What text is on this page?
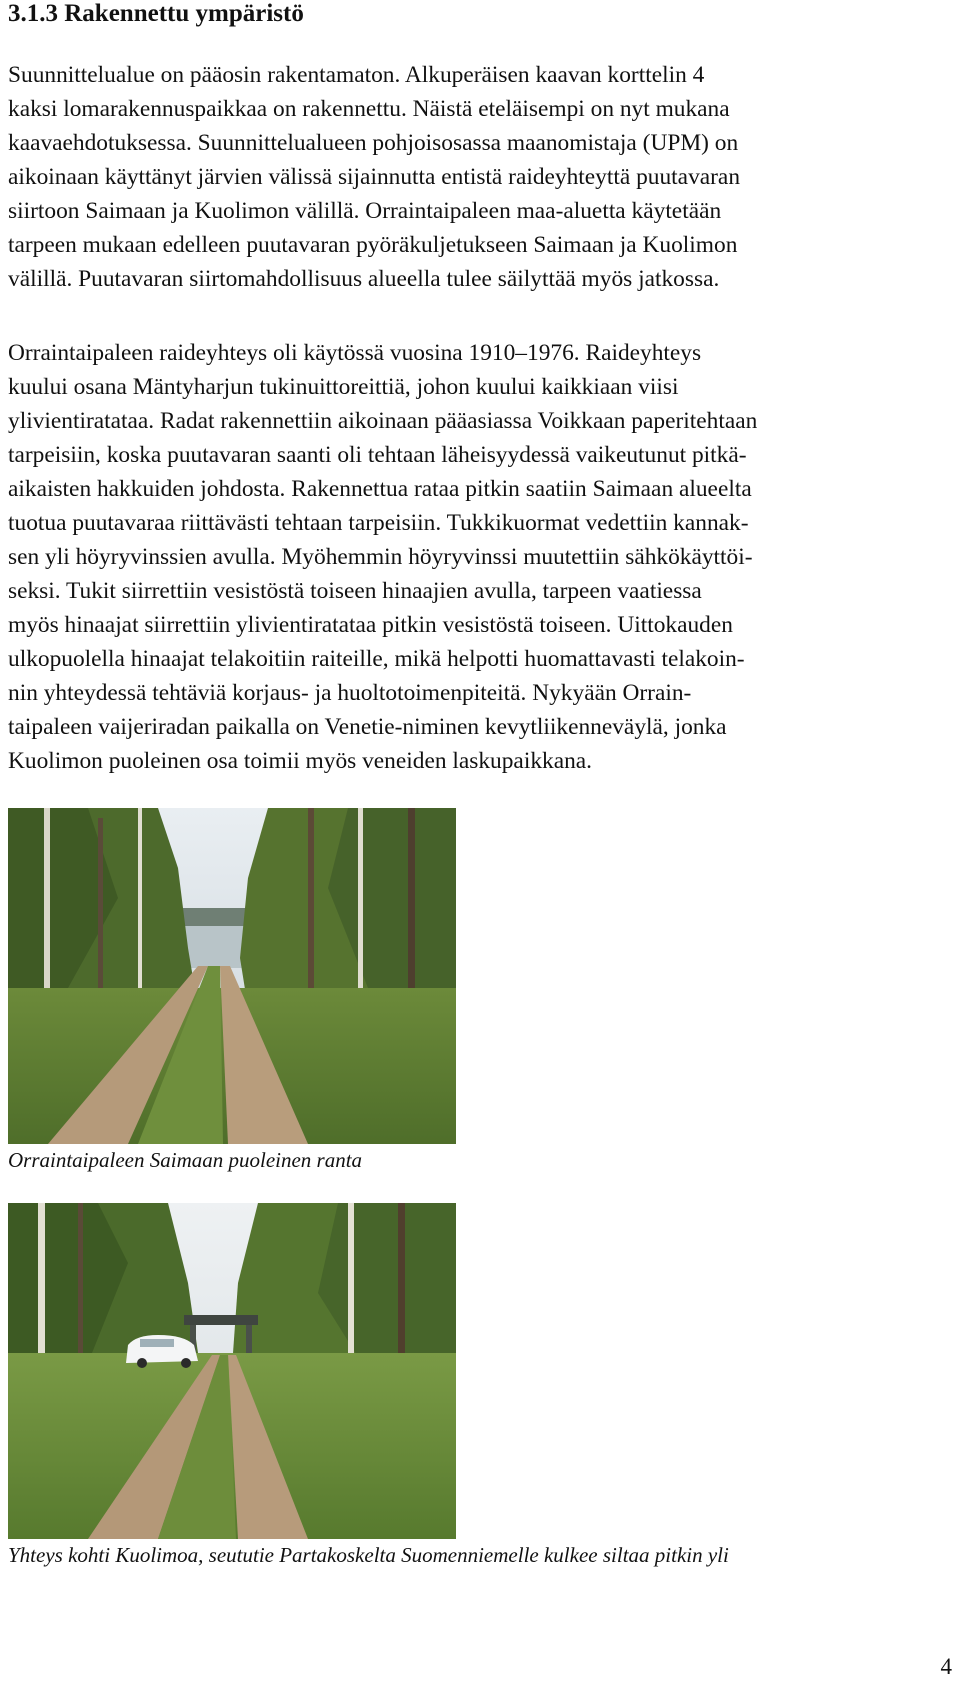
3.1.3 Rakennettu ympäristö
Suunnittelualue on pääosin rakentamaton. Alkuperäisen kaavan korttelin 4
kaksi lomarakennuspaikkaa on rakennettu. Näistä eteläisempi on nyt mukana
kaavaehdotuksessa. Suunnittelualueen pohjoisosassa maanomistaja (UPM) on
aikoinaan käyttänyt järvien välissä sijainnutta entistä raideyhteyttä puutavaran
siirtoon Saimaan ja Kuolimon välillä. Orraintaipaleen maa-aluetta käytetään
tarpeen mukaan edelleen puutavaran pyöräkuljetukseen Saimaan ja Kuolimon
välillä. Puutavaran siirtomahdollisuus alueella tulee säilyttää myös jatkossa.
Orraintaipaleen raideyhteys oli käytössä vuosina 1910–1976. Raideyhteys
kuului osana Mäntyharjun tukinuittoreittiä, johon kuului kaikkiaan viisi
ylivientiratataa. Radat rakennettiin aikoinaan pääasiassa Voikkaan paperitehtaan
tarpeisiin, koska puutavaran saanti oli tehtaan läheisyydessä vaikeutunut pitkä-
aikaisten hakkuiden johdosta. Rakennettua rataa pitkin saatiin Saimaan alueelta
tuotua puutavaraa riittävästi tehtaan tarpeisiin. Tukkikuormat vedettiin kannak-
sen yli höyryvinssien avulla. Myöhemmin höyryvinssi muutettiin sähkökäyttöi-
seksi. Tukit siirrettiin vesistöstä toiseen hinaajien avulla, tarpeen vaatiessa
myös hinaajat siirrettiin ylivientiratataa pitkin vesistöstä toiseen. Uittokauden
ulkopuolella hinaajat telakoitiin raiteille, mikä helpotti huomattavasti telakoin-
nin yhteydessä tehtäviä korjaus- ja huoltotoimenpiteitä. Nykyään Orrain-
taipaleen vaijeriradan paikalla on Venetie-niminen kevytliikenneväylä, jonka
Kuolimon puoleinen osa toimii myös veneiden laskupaikkana.
Orraintaipaleen Saimaan puoleinen ranta
Yhteys kohti Kuolimoa, seututie Partakoskelta Suomenniemelle kulkee siltaa pitkin yli
4
